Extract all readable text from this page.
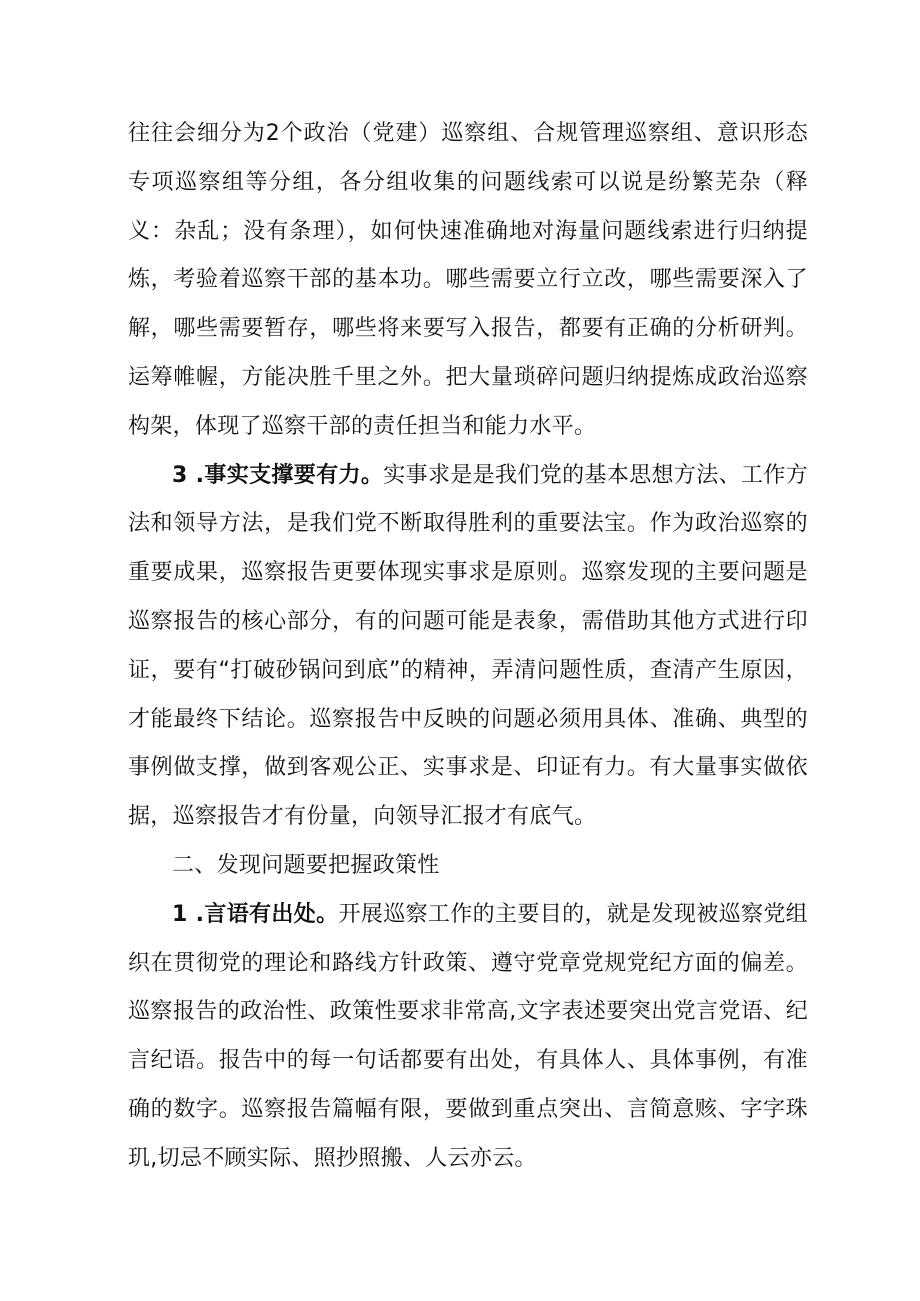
往往会细分为2个政治（党建）巡察组、合规管理巡察组、意识形态专项巡察组等分组，各分组收集的问题线索可以说是纷繁芜杂（释义：杂乱；没有条理），如何快速准确地对海量问题线索进行归纳提炼，考验着巡察干部的基本功。哪些需要立行立改，哪些需要深入了解，哪些需要暂存，哪些将来要写入报告，都要有正确的分析研判。运筹帷幄，方能决胜千里之外。把大量琐碎问题归纳提炼成政治巡察构架，体现了巡察干部的责任担当和能力水平。

3 .事实支撑要有力。实事求是是我们党的基本思想方法、工作方法和领导方法，是我们党不断取得胜利的重要法宝。作为政治巡察的重要成果，巡察报告更要体现实事求是原则。巡察发现的主要问题是巡察报告的核心部分，有的问题可能是表象，需借助其他方式进行印证，要有“打破砂锅问到底”的精神，弄清问题性质，查清产生原因，才能最终下结论。巡察报告中反映的问题必须用具体、准确、典型的事例做支撑，做到客观公正、实事求是、印证有力。有大量事实做依据，巡察报告才有份量，向领导汇报才有底气。

二、发现问题要把握政策性

1 .言语有出处。开展巡察工作的主要目的，就是发现被巡察党组织在贯彻党的理论和路线方针政策、遵守党章党规党纪方面的偏差。巡察报告的政治性、政策性要求非常高,文字表述要突出党言党语、纪言纪语。报告中的每一句话都要有出处，有具体人、具体事例，有准确的数字。巡察报告篇幅有限，要做到重点突出、言简意赅、字字珠玑,切忌不顾实际、照抄照搬、人云亦云。
